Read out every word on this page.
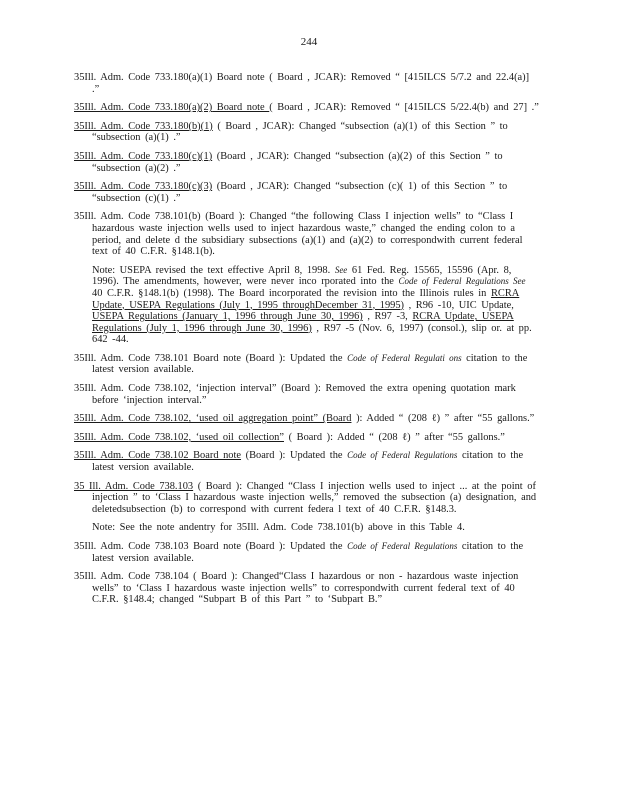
244

35Ill. Adm. Code 733.180(a)(1) Board note ( Board , JCAR): Removed “ [415ILCS 5/7.2 and 22.4(a)] .”

35Ill. Adm. Code 733.180(a)(2) Board note ( Board , JCAR): Removed “ [415ILCS 5/22.4(b) and 27] .”

35Ill. Adm. Code 733.180(b)(1) ( Board , JCAR): Changed “subsection (a)(1) of this Section ” to “subsection (a)(1) .”

35Ill. Adm. Code 733.180(c)(1) (Board , JCAR): Changed “subsection (a)(2) of this Section ” to “subsection (a)(2) .”

35Ill. Adm. Code 733.180(c)(3) (Board , JCAR): Changed “subsection (c)( 1) of this Section ” to “subsection (c)(1) .”

35Ill. Adm. Code 738.101(b) (Board ): Changed “the following Class I injection wells” to “Class I hazardous waste injection wells used to inject hazardous waste,” changed the ending colon to a period, and delete d the subsidiary subsections (a)(1) and (a)(2) to correspondwith current federal text of 40 C.F.R. §148.1(b).

Note: USEPA revised the text effective April 8, 1998. See 61 Fed. Reg. 15565, 15596 (Apr. 8, 1996). The amendments, however, were never inco rporated into the Code of Federal Regulations See 40 C.F.R. §148.1(b) (1998). The Board incorporated the revision into the Illinois rules in RCRA Update, USEPA Regulations (July 1, 1995 throughDecember 31, 1995) , R96 -10, UIC Update, USEPA Regulations (January 1, 1996 through June 30, 1996) , R97 -3, RCRA Update, USEPA Regulations (July 1, 1996 through June 30, 1996) , R97 -5 (Nov. 6, 1997) (consol.), slip or. at pp. 642 -44.

35Ill. Adm. Code 738.101 Board note (Board ): Updated the Code of Federal Regulati ons citation to the latest version available.

35Ill. Adm. Code 738.102, ‘injection interval” (Board ): Removed the extra opening quotation mark before ‘injection interval.”

35Ill. Adm. Code 738.102, ‘used oil aggregation point” (Board ): Added “ (208 ℓ) ” after “55 gallons.”

35Ill. Adm. Code 738.102, ‘used oil collection” ( Board ): Added “ (208 ℓ) ” after “55 gallons.”

35Ill. Adm. Code 738.102 Board note (Board ): Updated the Code of Federal Regulations citation to the latest version available.

35 Ill. Adm. Code 738.103 ( Board ): Changed “Class I injection wells used to inject ... at the point of injection ” to ‘Class I hazardous waste injection wells,” removed the subsection (a) designation, and deletedsubsection (b) to correspond with current federa l text of 40 C.F.R. §148.3.

Note: See the note andentry for 35Ill. Adm. Code 738.101(b) above in this Table 4.

35Ill. Adm. Code 738.103 Board note (Board ): Updated the Code of Federal Regulations citation to the latest version available.

35Ill. Adm. Code 738.104 ( Board ): Changed“Class I hazardous or non - hazardous waste injection wells” to ‘Class I hazardous waste injection wells” to correspondwith current federal text of 40 C.F.R. §148.4; changed “Subpart B of this Part ” to ‘Subpart B.”
